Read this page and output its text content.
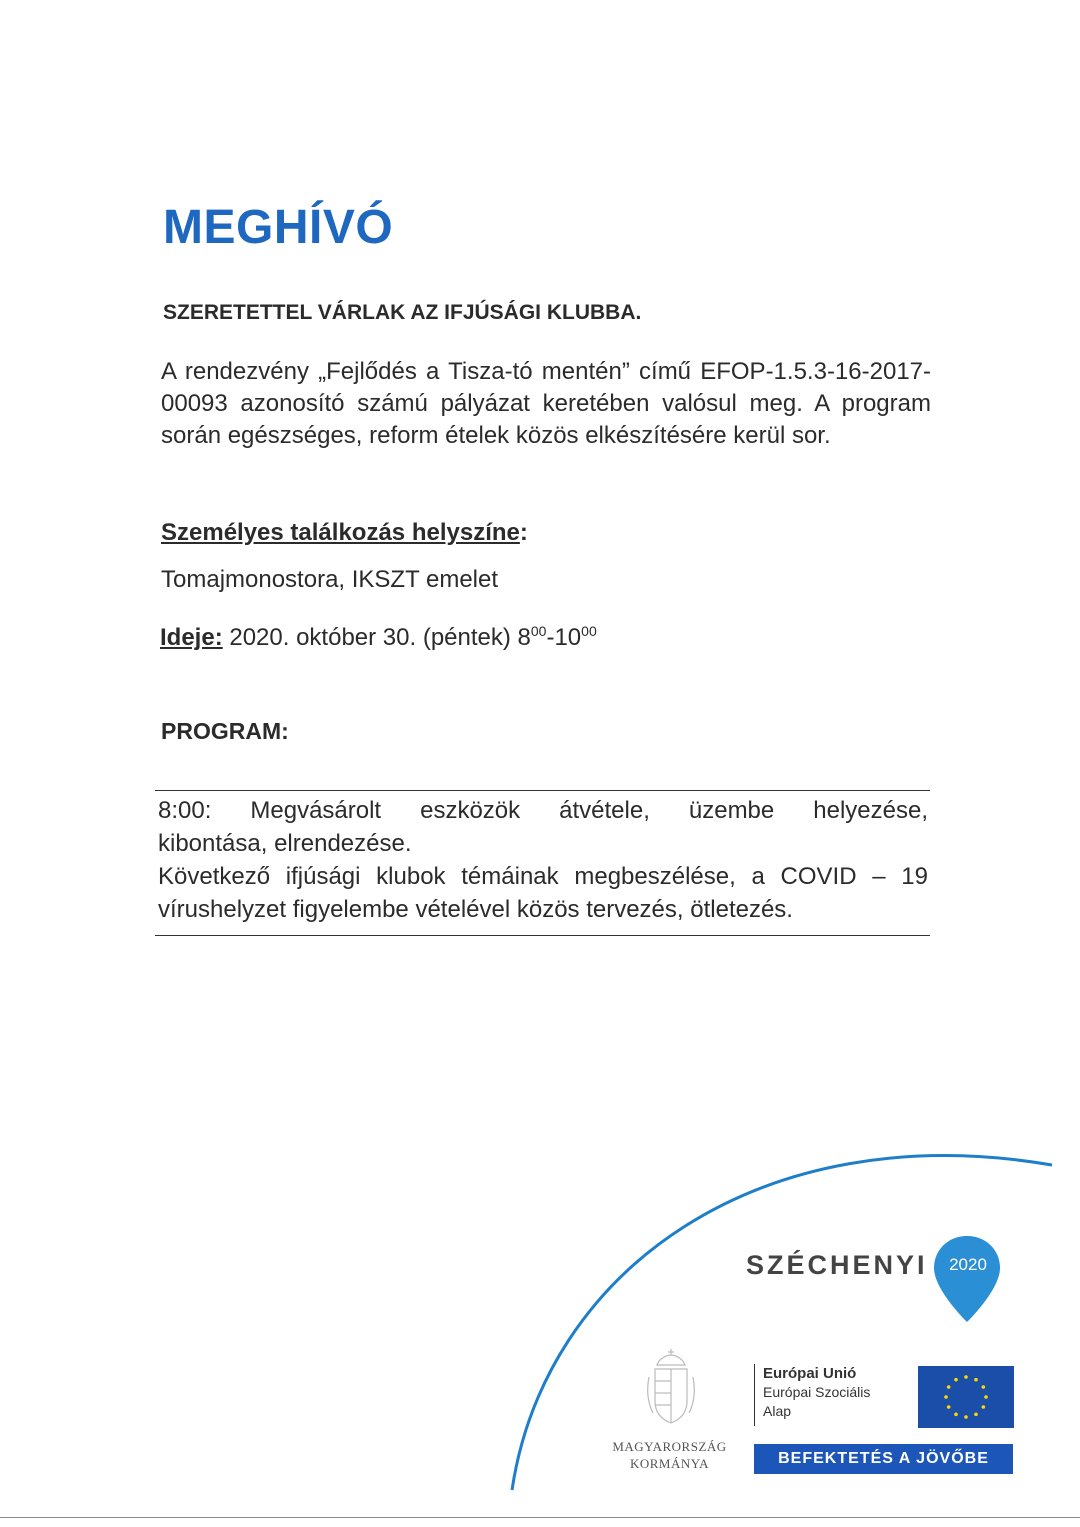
MEGHÍVÓ

SZERETETTEL VÁRLAK AZ IFJÚSÁGI KLUBBA.

A rendezvény „Fejlődés a Tisza-tó mentén” című EFOP-1.5.3-16-2017-00093 azonosító számú pályázat keretében valósul meg. A program során egészséges, reform ételek közös elkészítésére kerül sor.

Személyes találkozás helyszíne:

Tomajmonostora, IKSZT emelet

Ideje: 2020. október 30. (péntek) $8^{00}-10^{00}$

PROGRAM:

8:00: Megvásárolt eszközök átvétele, üzembe helyezése,
kibontása, elrendezése.
Következő ifjúsági klubok témáinak megbeszélése, a COVID – 19
vírushelyzet figyelembe vételével közös tervezés, ötletezés.
SZÉCHENYI	2020
MAGYARORSZÁG
KORMÁNYA
Európai Unió
Európai Szociális
Alap
BEFEKTETÉS A JÖVŐBE
